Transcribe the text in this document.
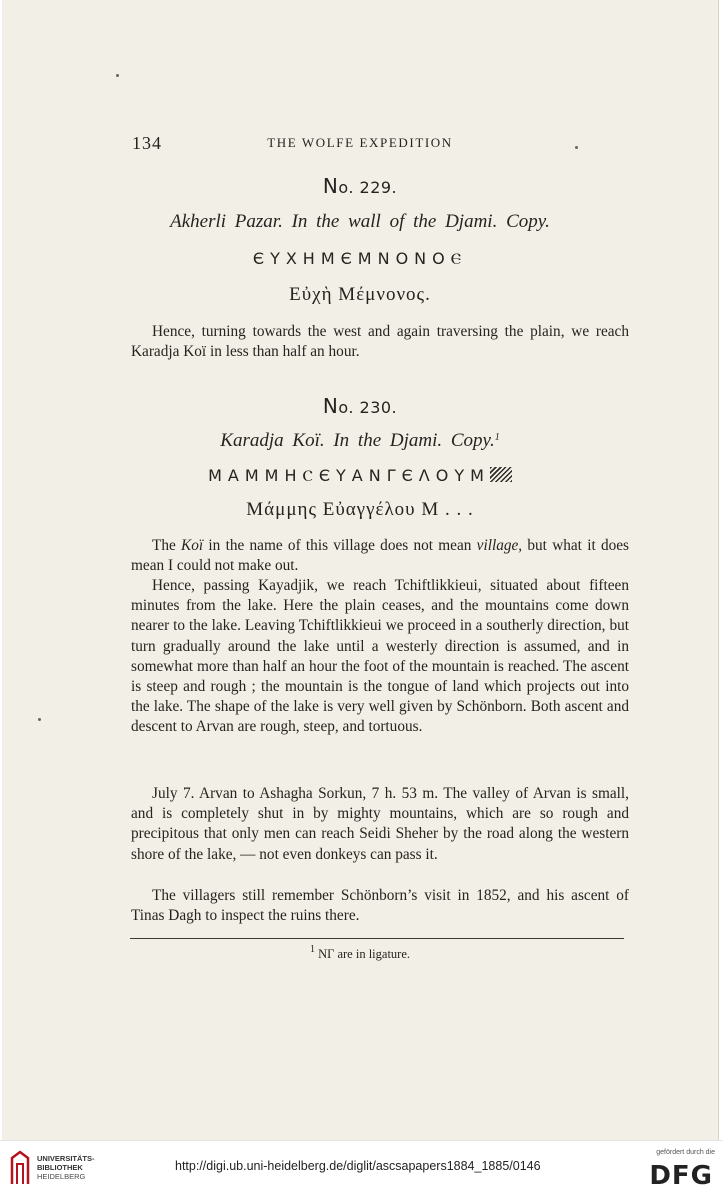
134	THE WOLFE EXPEDITION
No. 229.
Akherli Pazar. In the wall of the Djami. Copy.
ЄΥΧΗΜЄΜΝΟΝΟⲈ
Εὐχὴ Μέμνονος.
Hence, turning towards the west and again traversing the plain, we reach Karadja Koï in less than half an hour.
No. 230.
Karadja Koï. In the Djami. Copy.$^1$
ΜΑΜΜΗⲤЄΥΑΝΓЄΛΟΥΜ
Μάμμης Εὐαγγέλου Μ . . .
The Koï in the name of this village does not mean village, but what it does mean I could not make out.
Hence, passing Kayadjik, we reach Tchiftlikkieui, situated about fifteen minutes from the lake. Here the plain ceases, and the mountains come down nearer to the lake. Leaving Tchiftlikkieui we proceed in a southerly direction, but turn gradually around the lake until a westerly direction is assumed, and in somewhat more than half an hour the foot of the mountain is reached. The ascent is steep and rough ; the mountain is the tongue of land which projects out into the lake. The shape of the lake is very well given by Schönborn. Both ascent and descent to Arvan are rough, steep, and tortuous.
July 7. Arvan to Ashagha Sorkun, 7 h. 53 m. The valley of Arvan is small, and is completely shut in by mighty mountains, which are so rough and precipitous that only men can reach Seidi Sheher by the road along the western shore of the lake, — not even donkeys can pass it.
The villagers still remember Schönborn’s visit in 1852, and his ascent of Tinas Dagh to inspect the ruins there.
$^1$ ΝΓ are in ligature.
UNIVERSITÄTS-
BIBLIOTHEK
HEIDELBERG
http://digi.ub.uni-heidelberg.de/diglit/ascsapapers1884_1885/0146
gefördert durch die
DFG
